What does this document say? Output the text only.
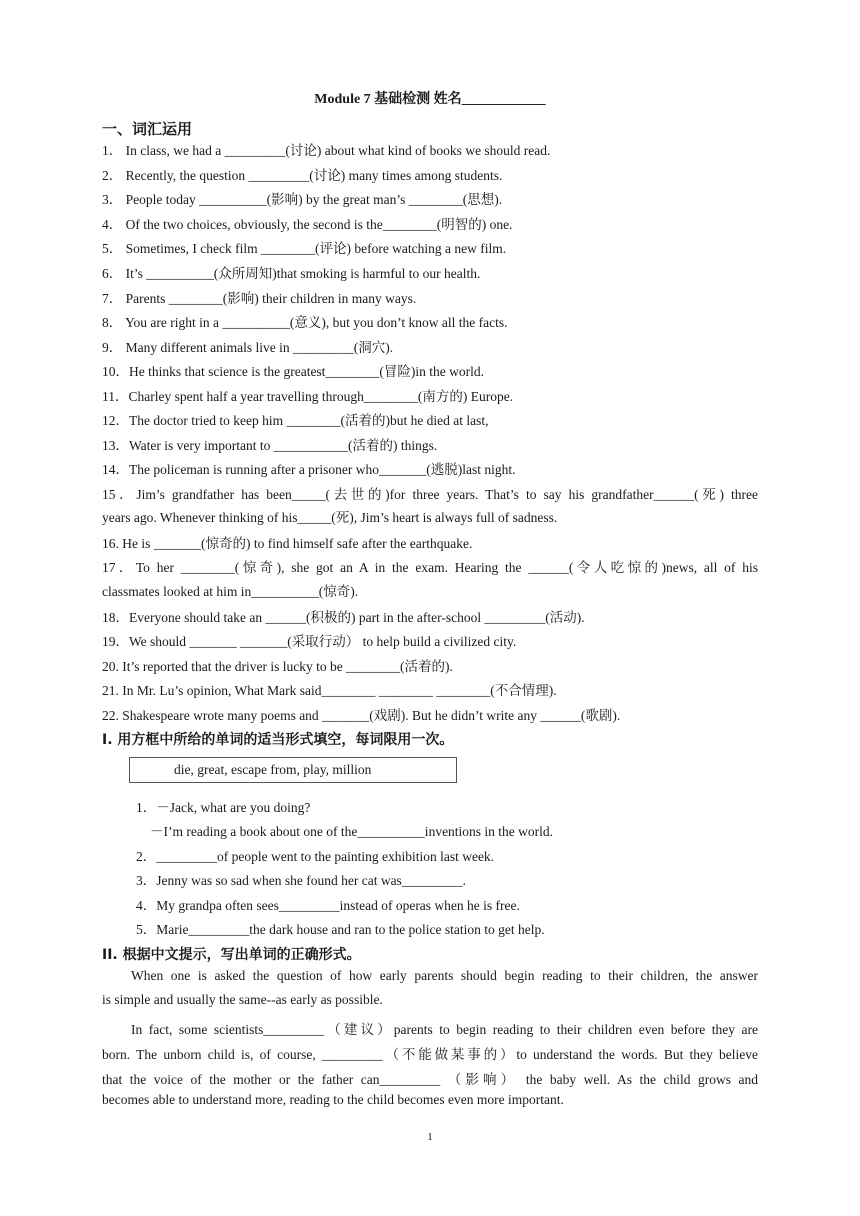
Module 7 基础检测 姓名____________
一、词汇运用
1． In class, we had a _________(讨论) about what kind of books we should read.
2． Recently, the question _________(讨论) many times among students.
3． People today __________(影响) by the great man’s ________(思想).
4． Of the two choices, obviously, the second is the________(明智的) one.
5． Sometimes, I check film ________(评论) before watching a new film.
6． It’s __________(众所周知)that smoking is harmful to our health.
7． Parents ________(影响) their children in many ways.
8． You are right in a __________(意义), but you don’t know all the facts.
9． Many different animals live in _________(洞穴).
10．He thinks that science is the greatest________(冒险)in the world.
11．Charley spent half a year travelling through________(南方的) Europe.
12．The doctor tried to keep him ________(活着的)but he died at last,
13．Water is very important to ___________(活着的) things.
14．The policeman is running after a prisoner who_______(逃脱)last night.
15．Jim’s grandfather has been_____(去世的)for three years. That’s to say his grandfather______(死) three
years ago. Whenever thinking of his_____(死), Jim’s heart is always full of sadness.
16. He is _______(惊奇的) to find himself safe after the earthquake.
17．To her ________(惊奇), she got an A in the exam. Hearing the ______(令人吃惊的)news, all of his
classmates looked at him in__________(惊奇).
18．Everyone should take an ______(积极的) part in the after-school _________(活动).
19．We should _______ _______(采取行动） to help build a civilized city.
20. It’s reported that the driver is lucky to be ________(活着的).
21. In Mr. Lu’s opinion, What Mark said________ ________ ________(不合情理).
22. Shakespeare wrote many poems and _______(戏剧). But he didn’t write any ______(歌剧).
I. 用方框中所给的单词的适当形式填空，每词限用一次。
die, great, escape from, play, million
1．－Jack, what are you doing?
－I’m reading a book about one of the__________inventions in the world.
2．_________of people went to the painting exhibition last week.
3．Jenny was so sad when she found her cat was_________.
4．My grandpa often sees_________instead of operas when he is free.
5．Marie_________the dark house and ran to the police station to get help.
II. 根据中文提示，写出单词的正确形式。
When one is asked the question of how early parents should begin reading to their children, the answer
is simple and usually the same--as early as possible.
In fact, some scientists_________（建议）parents to begin reading to their children even before they are
born. The unborn child is, of course, _________（不能做某事的）to understand the words. But they believe
that the voice of the mother or the father can_________ （影响） the baby well. As the child grows and
becomes able to understand more, reading to the child becomes even more important.
1
